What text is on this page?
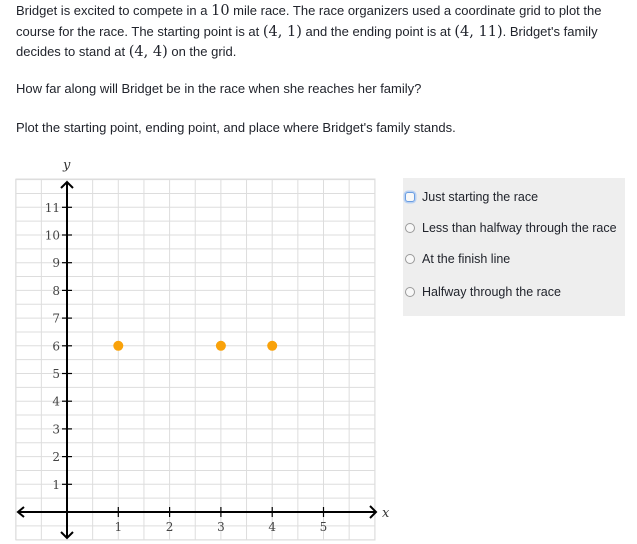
Bridget is excited to compete in a 10 mile race. The race organizers used a coordinate grid to plot the course for the race. The starting point is at (4, 1) and the ending point is at (4, 11). Bridget's family decides to stand at (4, 4) on the grid.
How far along will Bridget be in the race when she reaches her family?
Plot the starting point, ending point, and place where Bridget's family stands.
x
y
1	2	3	4	5
1
2
3
4
5
6
7
8
9
10
11
Just starting the race
Less than halfway through the race
At the finish line
Halfway through the race
